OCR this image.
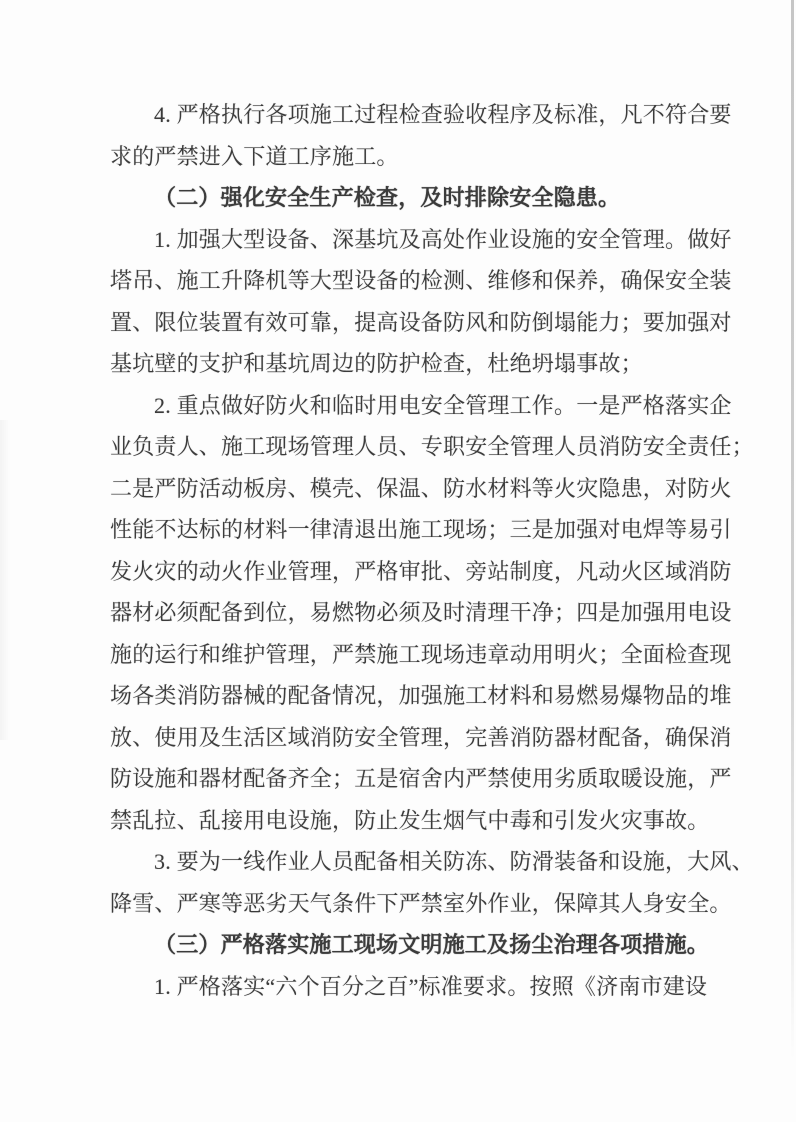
4. 严格执行各项施工过程检查验收程序及标准，凡不符合要
求的严禁进入下道工序施工。
（二）强化安全生产检查，及时排除安全隐患。
1. 加强大型设备、深基坑及高处作业设施的安全管理。做好
塔吊、施工升降机等大型设备的检测、维修和保养，确保安全装
置、限位装置有效可靠，提高设备防风和防倒塌能力；要加强对
基坑壁的支护和基坑周边的防护检查，杜绝坍塌事故；
2. 重点做好防火和临时用电安全管理工作。一是严格落实企
业负责人、施工现场管理人员、专职安全管理人员消防安全责任；
二是严防活动板房、模壳、保温、防水材料等火灾隐患，对防火
性能不达标的材料一律清退出施工现场；三是加强对电焊等易引
发火灾的动火作业管理，严格审批、旁站制度，凡动火区域消防
器材必须配备到位，易燃物必须及时清理干净；四是加强用电设
施的运行和维护管理，严禁施工现场违章动用明火；全面检查现
场各类消防器械的配备情况，加强施工材料和易燃易爆物品的堆
放、使用及生活区域消防安全管理，完善消防器材配备，确保消
防设施和器材配备齐全；五是宿舍内严禁使用劣质取暖设施，严
禁乱拉、乱接用电设施，防止发生烟气中毒和引发火灾事故。
3. 要为一线作业人员配备相关防冻、防滑装备和设施，大风、
降雪、严寒等恶劣天气条件下严禁室外作业，保障其人身安全。
（三）严格落实施工现场文明施工及扬尘治理各项措施。
1. 严格落实“六个百分之百”标准要求。按照《济南市建设
